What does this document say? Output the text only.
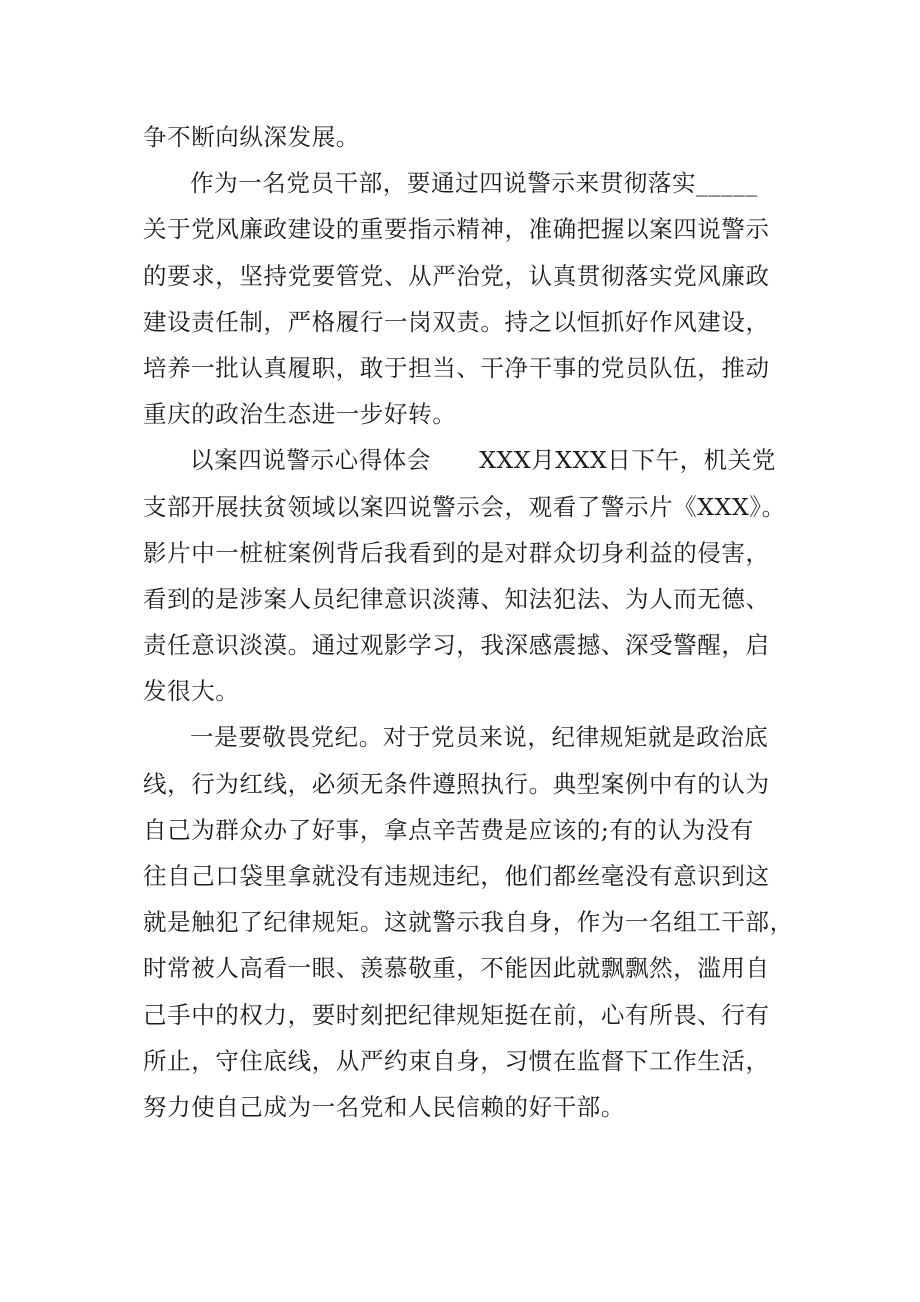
争不断向纵深发展。
作为一名党员干部，要通过四说警示来贯彻落实_____
关于党风廉政建设的重要指示精神，准确把握以案四说警示
的要求，坚持党要管党、从严治党，认真贯彻落实党风廉政
建设责任制，严格履行一岗双责。持之以恒抓好作风建设，
培养一批认真履职，敢于担当、干净干事的党员队伍，推动
重庆的政治生态进一步好转。
以案四说警示心得体会　　XXX月XXX日下午，机关党
支部开展扶贫领域以案四说警示会，观看了警示片《XXX》。
影片中一桩桩案例背后我看到的是对群众切身利益的侵害，
看到的是涉案人员纪律意识淡薄、知法犯法、为人而无德、
责任意识淡漠。通过观影学习，我深感震撼、深受警醒，启
发很大。
一是要敬畏党纪。对于党员来说，纪律规矩就是政治底
线，行为红线，必须无条件遵照执行。典型案例中有的认为
自己为群众办了好事，拿点辛苦费是应该的;有的认为没有
往自己口袋里拿就没有违规违纪，他们都丝毫没有意识到这
就是触犯了纪律规矩。这就警示我自身，作为一名组工干部，
时常被人高看一眼、羡慕敬重，不能因此就飘飘然，滥用自
己手中的权力，要时刻把纪律规矩挺在前，心有所畏、行有
所止，守住底线，从严约束自身，习惯在监督下工作生活，
努力使自己成为一名党和人民信赖的好干部。
